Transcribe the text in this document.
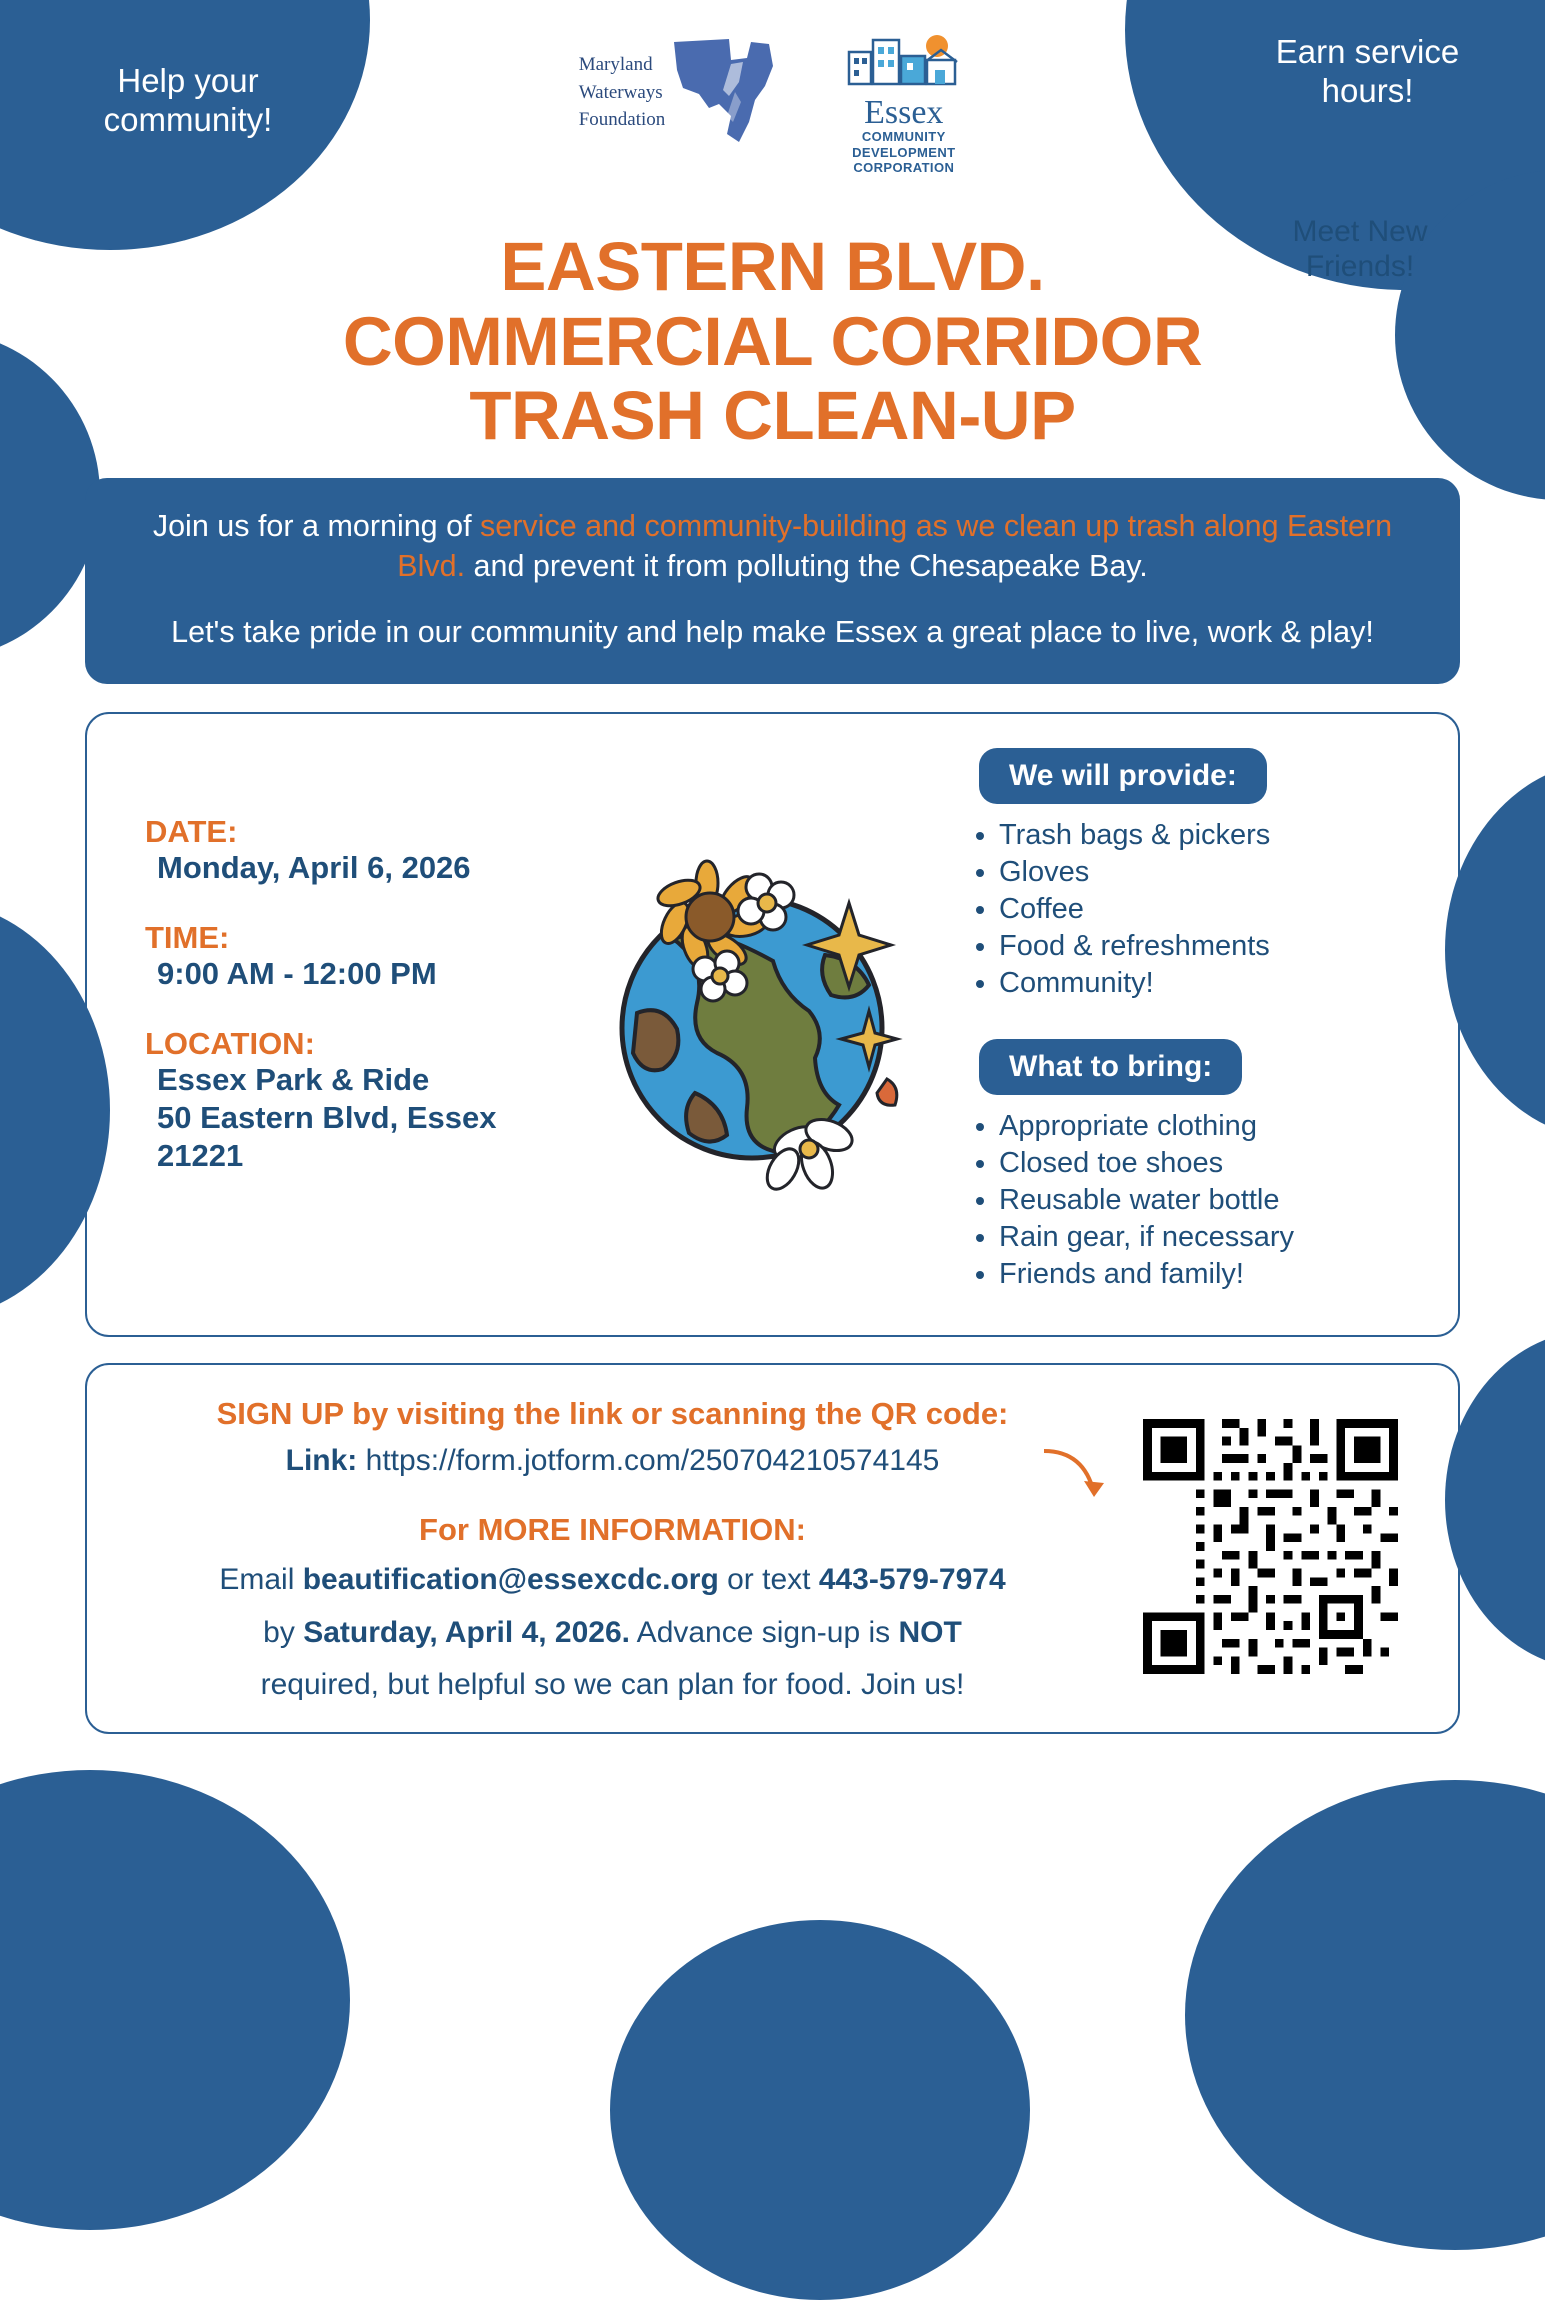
Help your community!
Earn service hours!
Meet New Friends!
Maryland
Waterways
Foundation	Essex
COMMUNITY
DEVELOPMENT
CORPORATION
EASTERN BLVD.
COMMERCIAL CORRIDOR
TRASH CLEAN-UP
Join us for a morning of service and community-building as we clean up trash along Eastern Blvd. and prevent it from polluting the Chesapeake Bay.
Let's take pride in our community and help make Essex a great place to live, work & play!
DATE:
Monday, April 6, 2026
TIME:
9:00 AM - 12:00 PM
LOCATION:
Essex Park & Ride
50 Eastern Blvd, Essex 21221
We will provide:
• Trash bags & pickers
• Gloves
• Coffee
• Food & refreshments
• Community!
What to bring:
• Appropriate clothing
• Closed toe shoes
• Reusable water bottle
• Rain gear, if necessary
• Friends and family!
SIGN UP by visiting the link or scanning the QR code:
Link: https://form.jotform.com/250704210574145
For MORE INFORMATION:
Email beautification@essexcdc.org or text 443-579-7974
by Saturday, April 4, 2026. Advance sign-up is NOT
required, but helpful so we can plan for food. Join us!
